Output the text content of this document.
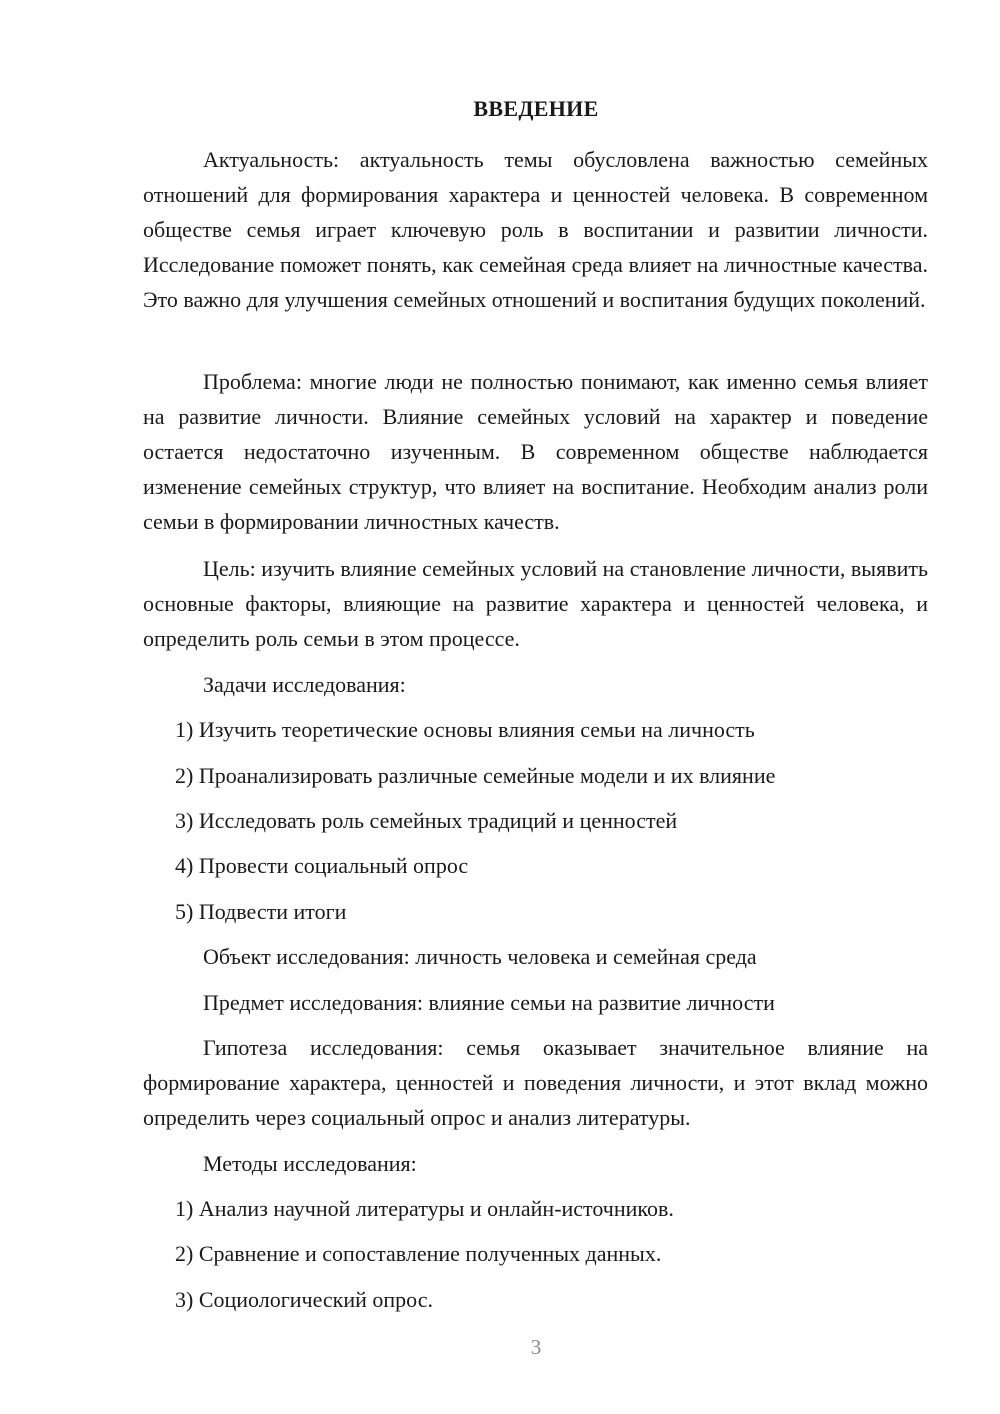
ВВЕДЕНИЕ

Актуальность: актуальность темы обусловлена важностью семейных отношений для формирования характера и ценностей человека. В современном обществе семья играет ключевую роль в воспитании и развитии личности. Исследование поможет понять, как семейная среда влияет на личностные качества. Это важно для улучшения семейных отношений и воспитания будущих поколений.

Проблема: многие люди не полностью понимают, как именно семья влияет на развитие личности. Влияние семейных условий на характер и поведение остается недостаточно изученным. В современном обществе наблюдается изменение семейных структур, что влияет на воспитание. Необходим анализ роли семьи в формировании личностных качеств.

Цель: изучить влияние семейных условий на становление личности, выявить основные факторы, влияющие на развитие характера и ценностей человека, и определить роль семьи в этом процессе.

Задачи исследования:

1) Изучить теоретические основы влияния семьи на личность

2) Проанализировать различные семейные модели и их влияние

3) Исследовать роль семейных традиций и ценностей

4) Провести социальный опрос

5) Подвести итоги

Объект исследования: личность человека и семейная среда

Предмет исследования: влияние семьи на развитие личности

Гипотеза исследования: семья оказывает значительное влияние на формирование характера, ценностей и поведения личности, и этот вклад можно определить через социальный опрос и анализ литературы.

Методы исследования:

1) Анализ научной литературы и онлайн-источников.

2) Сравнение и сопоставление полученных данных.

3) Социологический опрос.

3
